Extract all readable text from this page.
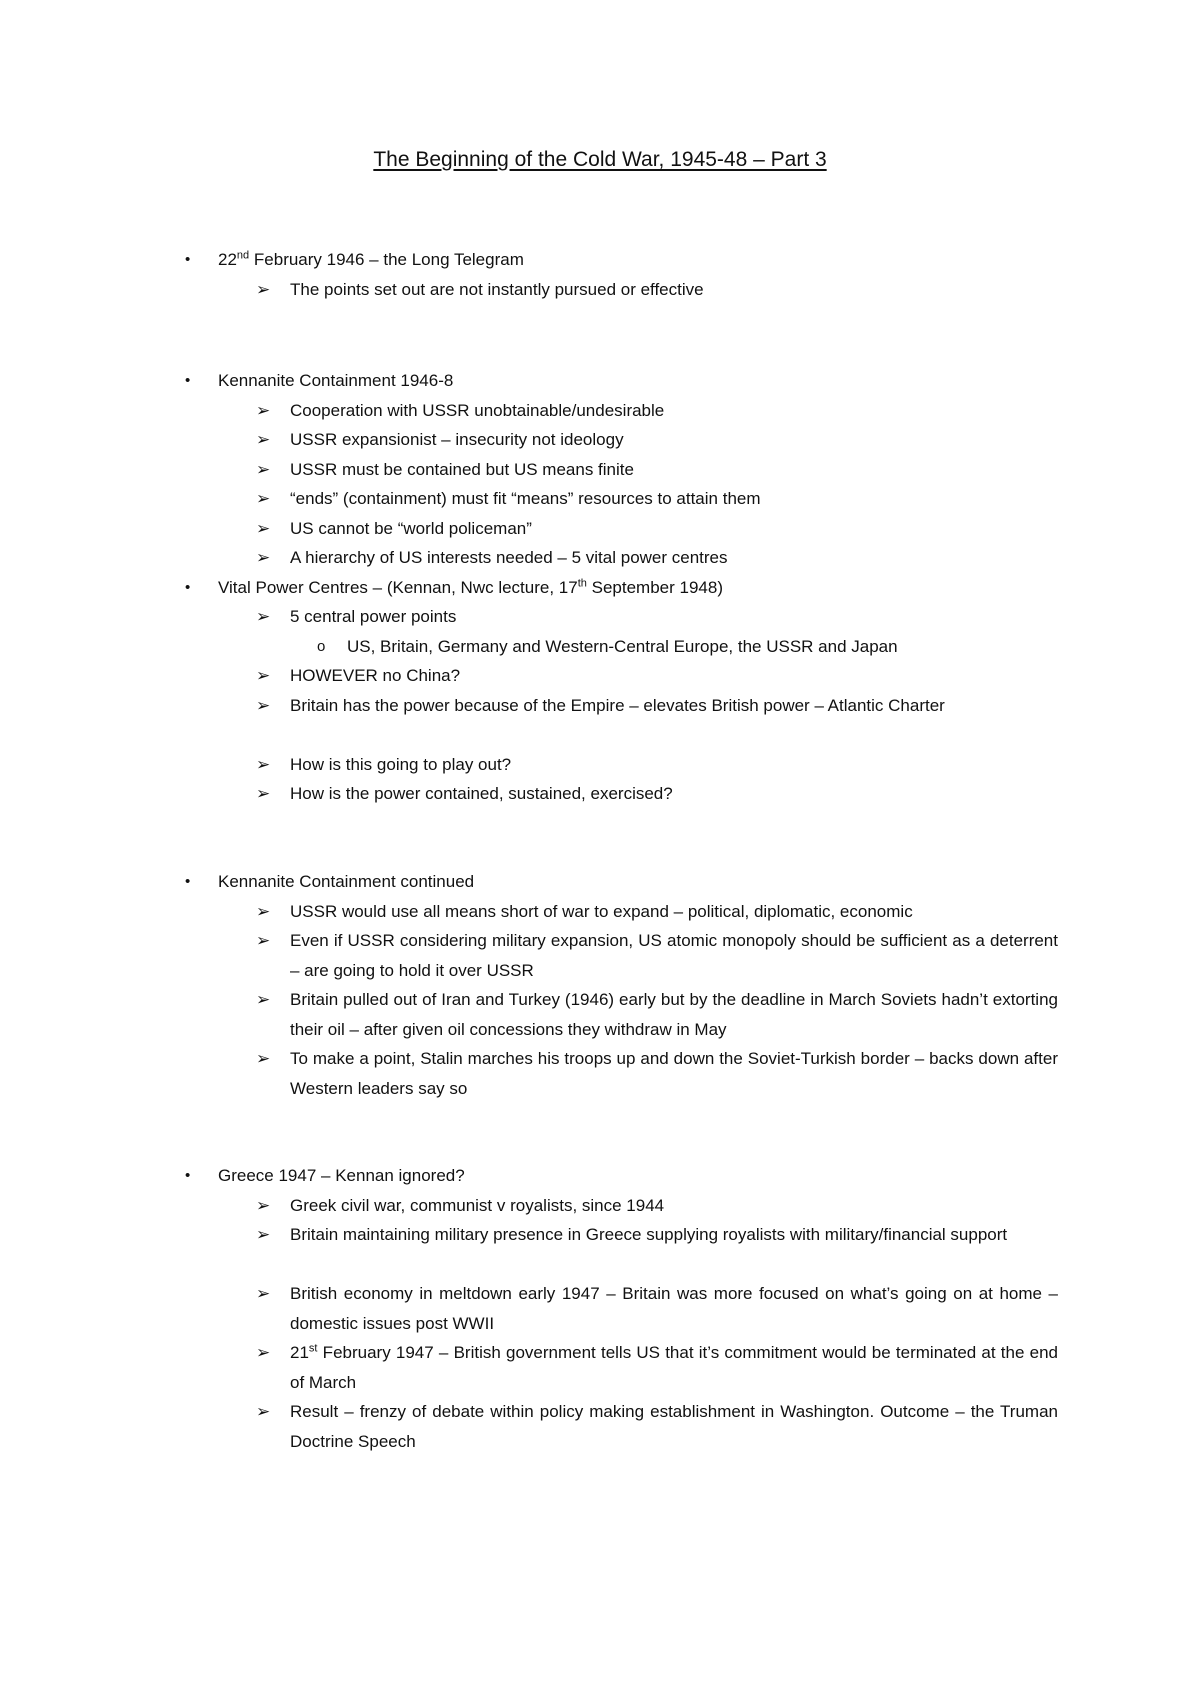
The Beginning of the Cold War, 1945-48 – Part 3
• 22nd February 1946 – the Long Telegram
➢ The points set out are not instantly pursued or effective
• Kennanite Containment 1946-8
➢ Cooperation with USSR unobtainable/undesirable
➢ USSR expansionist – insecurity not ideology
➢ USSR must be contained but US means finite
➢ “ends” (containment) must fit “means” resources to attain them
➢ US cannot be “world policeman”
➢ A hierarchy of US interests needed – 5 vital power centres
• Vital Power Centres – (Kennan, Nwc lecture, 17th September 1948)
➢ 5 central power points
o US, Britain, Germany and Western-Central Europe, the USSR and Japan
➢ HOWEVER no China?
➢ Britain has the power because of the Empire – elevates British power – Atlantic Charter
➢ How is this going to play out?
➢ How is the power contained, sustained, exercised?
• Kennanite Containment continued
➢ USSR would use all means short of war to expand – political, diplomatic, economic
➢ Even if USSR considering military expansion, US atomic monopoly should be sufficient as a deterrent – are going to hold it over USSR
➢ Britain pulled out of Iran and Turkey (1946) early but by the deadline in March Soviets hadn’t extorting their oil – after given oil concessions they withdraw in May
➢ To make a point, Stalin marches his troops up and down the Soviet-Turkish border – backs down after Western leaders say so
• Greece 1947 – Kennan ignored?
➢ Greek civil war, communist v royalists, since 1944
➢ Britain maintaining military presence in Greece supplying royalists with military/financial support
➢ British economy in meltdown early 1947 – Britain was more focused on what’s going on at home – domestic issues post WWII
➢ 21st February 1947 – British government tells US that it’s commitment would be terminated at the end of March
➢ Result – frenzy of debate within policy making establishment in Washington. Outcome – the Truman Doctrine Speech
